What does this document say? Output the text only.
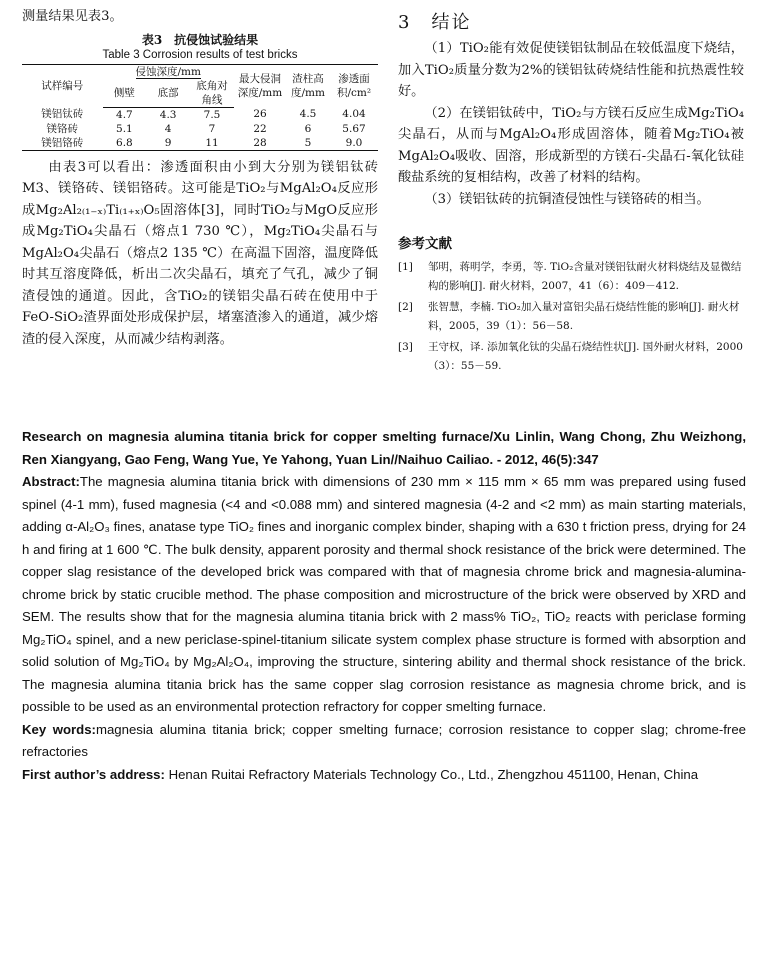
测量结果见表3。

表3　抗侵蚀试验结果
Table 3 Corrosion results of test bricks
试样编号	侵蚀深度/mm			最大侵洞深度/mm	渣柱高度/mm	渗透面积/cm²
	侧壁	底部	底角对角线			
镁铝钛砖	4.7	4.3	7.5	26	4.5	4.04
镁铬砖	5.1	4	7	22	6	5.67
镁铝铬砖	6.8	9	11	28	5	9.0

由表3可以看出：渗透面积由小到大分别为镁铝钛砖M3、镁铬砖、镁铝铬砖。这可能是TiO₂与MgAl₂O₄反应形成Mg₂Al₂₍₁₋ₓ₎Ti₍₁₊ₓ₎O₅固溶体[3]，同时TiO₂与MgO反应形成Mg₂TiO₄尖晶石（熔点1 730 ℃），Mg₂TiO₄尖晶石与MgAl₂O₄尖晶石（熔点2 135 ℃）在高温下固溶，温度降低时其互溶度降低，析出二次尖晶石，填充了气孔，减少了铜渣侵蚀的通道。因此，含TiO₂的镁铝尖晶石砖在使用中于FeO-SiO₂渣界面处形成保护层，堵塞渣渗入的通道，减少熔渣的侵入深度，从而减少结构剥落。

3　结论

（1）TiO₂能有效促使镁铝钛制品在较低温度下烧结，加入TiO₂质量分数为2%的镁铝钛砖烧结性能和抗热震性较好。

（2）在镁铝钛砖中，TiO₂与方镁石反应生成Mg₂TiO₄尖晶石，从而与MgAl₂O₄形成固溶体，随着Mg₂TiO₄被MgAl₂O₄吸收、固溶，形成新型的方镁石-尖晶石-氧化钛硅酸盐系统的复相结构，改善了材料的结构。

（3）镁铝钛砖的抗铜渣侵蚀性与镁铬砖的相当。

参考文献
[1]	邹明，蒋明学，李勇，等. TiO₂含量对镁铝钛耐火材料烧结及显微结构的影响[J]. 耐火材料，2007，41（6）：409－412.
[2]	张智慧，李楠. TiO₂加入量对富铝尖晶石烧结性能的影响[J]. 耐火材料，2005，39（1）：56－58.
[3]	王守权，译. 添加氧化钛的尖晶石烧结性状[J]. 国外耐火材料，2000（3）：55－59.

Research on magnesia alumina titania brick for copper smelting furnace/Xu Linlin, Wang Chong, Zhu Weizhong, Ren Xiangyang, Gao Feng, Wang Yue, Ye Yahong, Yuan Lin//Naihuo Cailiao. - 2012, 46(5):347

Abstract:The magnesia alumina titania brick with dimensions of 230 mm × 115 mm × 65 mm was prepared using fused spinel (4-1 mm), fused magnesia (<4 and <0.088 mm) and sintered magnesia (4-2 and <2 mm) as main starting materials, adding α-Al₂O₃ fines, anatase type TiO₂ fines and inorganic complex binder, shaping with a 630 t friction press, drying for 24 h and firing at 1 600 ℃. The bulk density, apparent porosity and thermal shock resistance of the brick were determined. The copper slag resistance of the developed brick was compared with that of magnesia chrome brick and magnesia-alumina-chrome brick by static crucible method. The phase composition and microstructure of the brick were observed by XRD and SEM. The results show that for the magnesia alumina titania brick with 2 mass% TiO₂, TiO₂ reacts with periclase forming Mg₂TiO₄ spinel, and a new periclase-spinel-titanium silicate system complex phase structure is formed with absorption and solid solution of Mg₂TiO₄ by Mg₂Al₂O₄, improving the structure, sintering ability and thermal shock resistance of the brick. The magnesia alumina titania brick has the same copper slag corrosion resistance as magnesia chrome brick, and is possible to be used as an environmental protection refractory for copper smelting furnace.

Key words:magnesia alumina titania brick; copper smelting furnace; corrosion resistance to copper slag; chrome-free refractories

First author’s address: Henan Ruitai Refractory Materials Technology Co., Ltd., Zhengzhou 451100, Henan, China
